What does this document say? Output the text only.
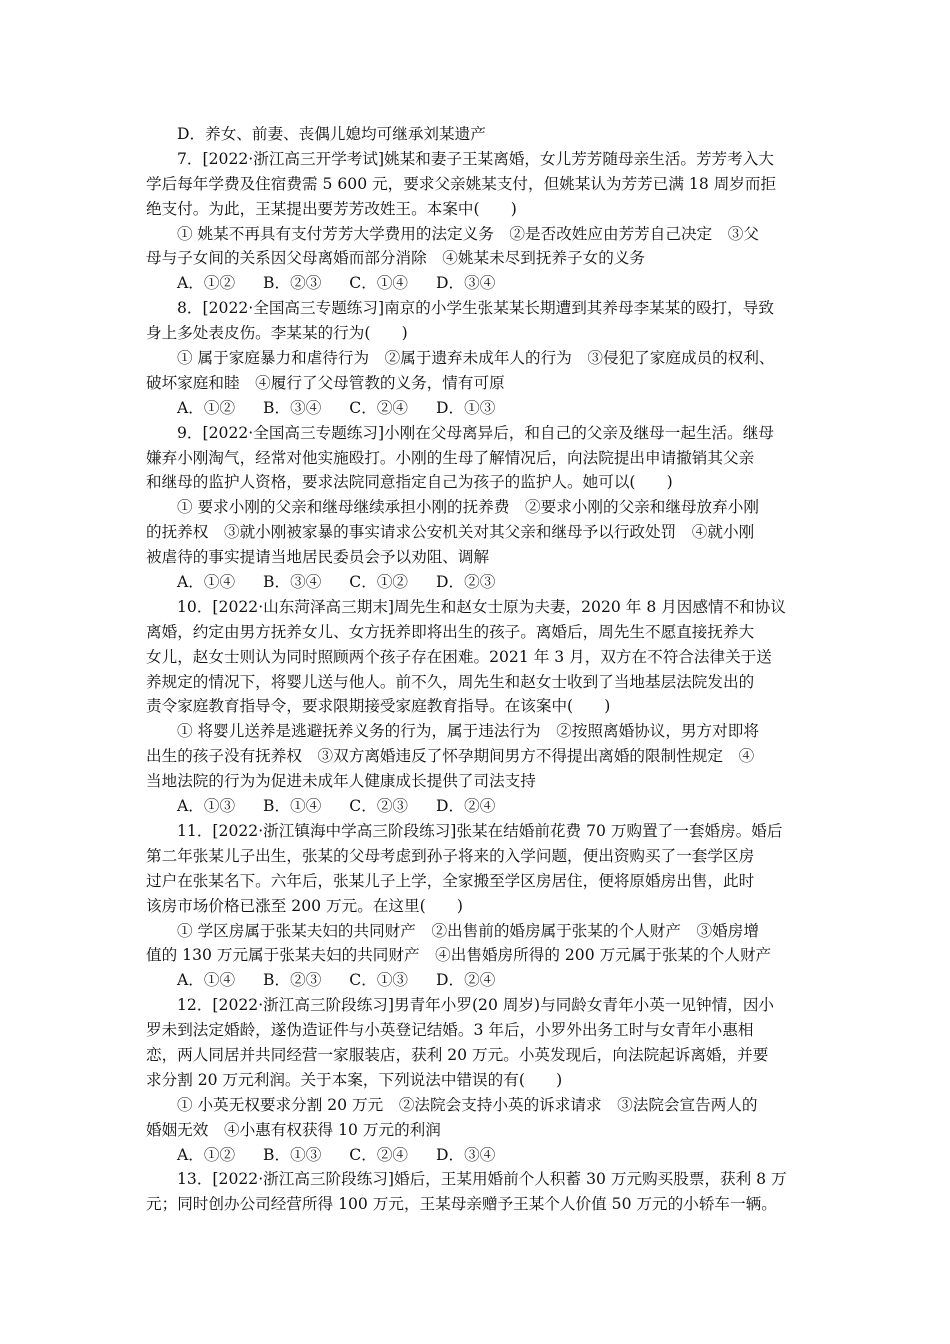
D．养女、前妻、丧偶儿媳均可继承刘某遗产
7．[2022·浙江高三开学考试]姚某和妻子王某离婚，女儿芳芳随母亲生活。芳芳考入大
学后每年学费及住宿费需 5 600 元，要求父亲姚某支付，但姚某认为芳芳已满 18 周岁而拒
绝支付。为此，王某提出要芳芳改姓王。本案中(　　)
① 姚某不再具有支付芳芳大学费用的法定义务　②是否改姓应由芳芳自己决定　③父
母与子女间的关系因父母离婚而部分消除　④姚某未尽到抚养子女的义务
A．①② B．②③ C．①④ D．③④
8．[2022·全国高三专题练习]南京的小学生张某某长期遭到其养母李某某的殴打，导致
身上多处表皮伤。李某某的行为(　　)
① 属于家庭暴力和虐待行为　②属于遗弃未成年人的行为　③侵犯了家庭成员的权利、
破坏家庭和睦　④履行了父母管教的义务，情有可原
A．①② B．③④ C．②④ D．①③
9．[2022·全国高三专题练习]小刚在父母离异后，和自己的父亲及继母一起生活。继母
嫌弃小刚淘气，经常对他实施殴打。小刚的生母了解情况后，向法院提出申请撤销其父亲
和继母的监护人资格，要求法院同意指定自己为孩子的监护人。她可以(　　)
① 要求小刚的父亲和继母继续承担小刚的抚养费　②要求小刚的父亲和继母放弃小刚
的抚养权　③就小刚被家暴的事实请求公安机关对其父亲和继母予以行政处罚　④就小刚
被虐待的事实提请当地居民委员会予以劝阻、调解
A．①④ B．③④ C．①② D．②③
10．[2022·山东菏泽高三期末]周先生和赵女士原为夫妻，2020 年 8 月因感情不和协议
离婚，约定由男方抚养女儿、女方抚养即将出生的孩子。离婚后，周先生不愿直接抚养大
女儿，赵女士则认为同时照顾两个孩子存在困难。2021 年 3 月，双方在不符合法律关于送
养规定的情况下，将婴儿送与他人。前不久，周先生和赵女士收到了当地基层法院发出的
责令家庭教育指导令，要求限期接受家庭教育指导。在该案中(　　)
① 将婴儿送养是逃避抚养义务的行为，属于违法行为　②按照离婚协议，男方对即将
出生的孩子没有抚养权　③双方离婚违反了怀孕期间男方不得提出离婚的限制性规定　④
当地法院的行为为促进未成年人健康成长提供了司法支持
A．①③ B．①④ C．②③ D．②④
11．[2022·浙江镇海中学高三阶段练习]张某在结婚前花费 70 万购置了一套婚房。婚后
第二年张某儿子出生，张某的父母考虑到孙子将来的入学问题，便出资购买了一套学区房
过户在张某名下。六年后，张某儿子上学，全家搬至学区房居住，便将原婚房出售，此时
该房市场价格已涨至 200 万元。在这里(　　)
① 学区房属于张某夫妇的共同财产　②出售前的婚房属于张某的个人财产　③婚房增
值的 130 万元属于张某夫妇的共同财产　④出售婚房所得的 200 万元属于张某的个人财产
A．①④ B．②③ C．①③ D．②④
12．[2022·浙江高三阶段练习]男青年小罗(20 周岁)与同龄女青年小英一见钟情，因小
罗未到法定婚龄，遂伪造证件与小英登记结婚。3 年后，小罗外出务工时与女青年小惠相
恋，两人同居并共同经营一家服装店，获利 20 万元。小英发现后，向法院起诉离婚，并要
求分割 20 万元利润。关于本案，下列说法中错误的有(　　)
① 小英无权要求分割 20 万元　②法院会支持小英的诉求请求　③法院会宣告两人的
婚姻无效　④小惠有权获得 10 万元的利润
A．①② B．①③ C．②④ D．③④
13．[2022·浙江高三阶段练习]婚后，王某用婚前个人积蓄 30 万元购买股票，获利 8 万
元；同时创办公司经营所得 100 万元，王某母亲赠予王某个人价值 50 万元的小轿车一辆。
